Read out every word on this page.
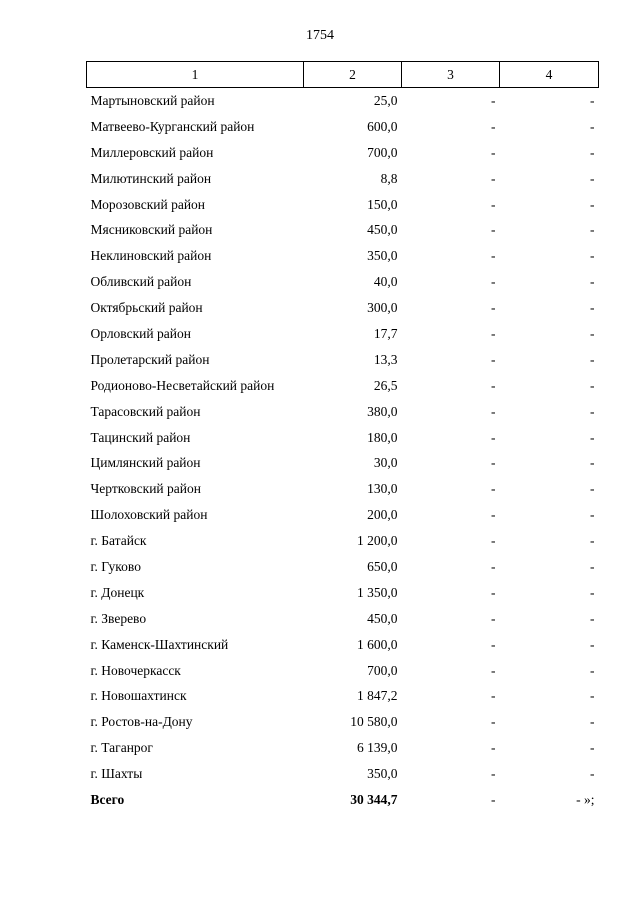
1754
1	2	3	4
Мартыновский район	25,0	-	-
Матвеево-Курганский район	600,0	-	-
Миллеровский район	700,0	-	-
Милютинский район	8,8	-	-
Морозовский район	150,0	-	-
Мясниковский район	450,0	-	-
Неклиновский район	350,0	-	-
Обливский район	40,0	-	-
Октябрьский район	300,0	-	-
Орловский район	17,7	-	-
Пролетарский район	13,3	-	-
Родионово-Несветайский район	26,5	-	-
Тарасовский район	380,0	-	-
Тацинский район	180,0	-	-
Цимлянский район	30,0	-	-
Чертковский район	130,0	-	-
Шолоховский район	200,0	-	-
г. Батайск	1 200,0	-	-
г. Гуково	650,0	-	-
г. Донецк	1 350,0	-	-
г. Зверево	450,0	-	-
г. Каменск-Шахтинский	1 600,0	-	-
г. Новочеркасск	700,0	-	-
г. Новошахтинск	1 847,2	-	-
г. Ростов-на-Дону	10 580,0	-	-
г. Таганрог	6 139,0	-	-
г. Шахты	350,0	-	-
Всего	30 344,7	-	- »;
